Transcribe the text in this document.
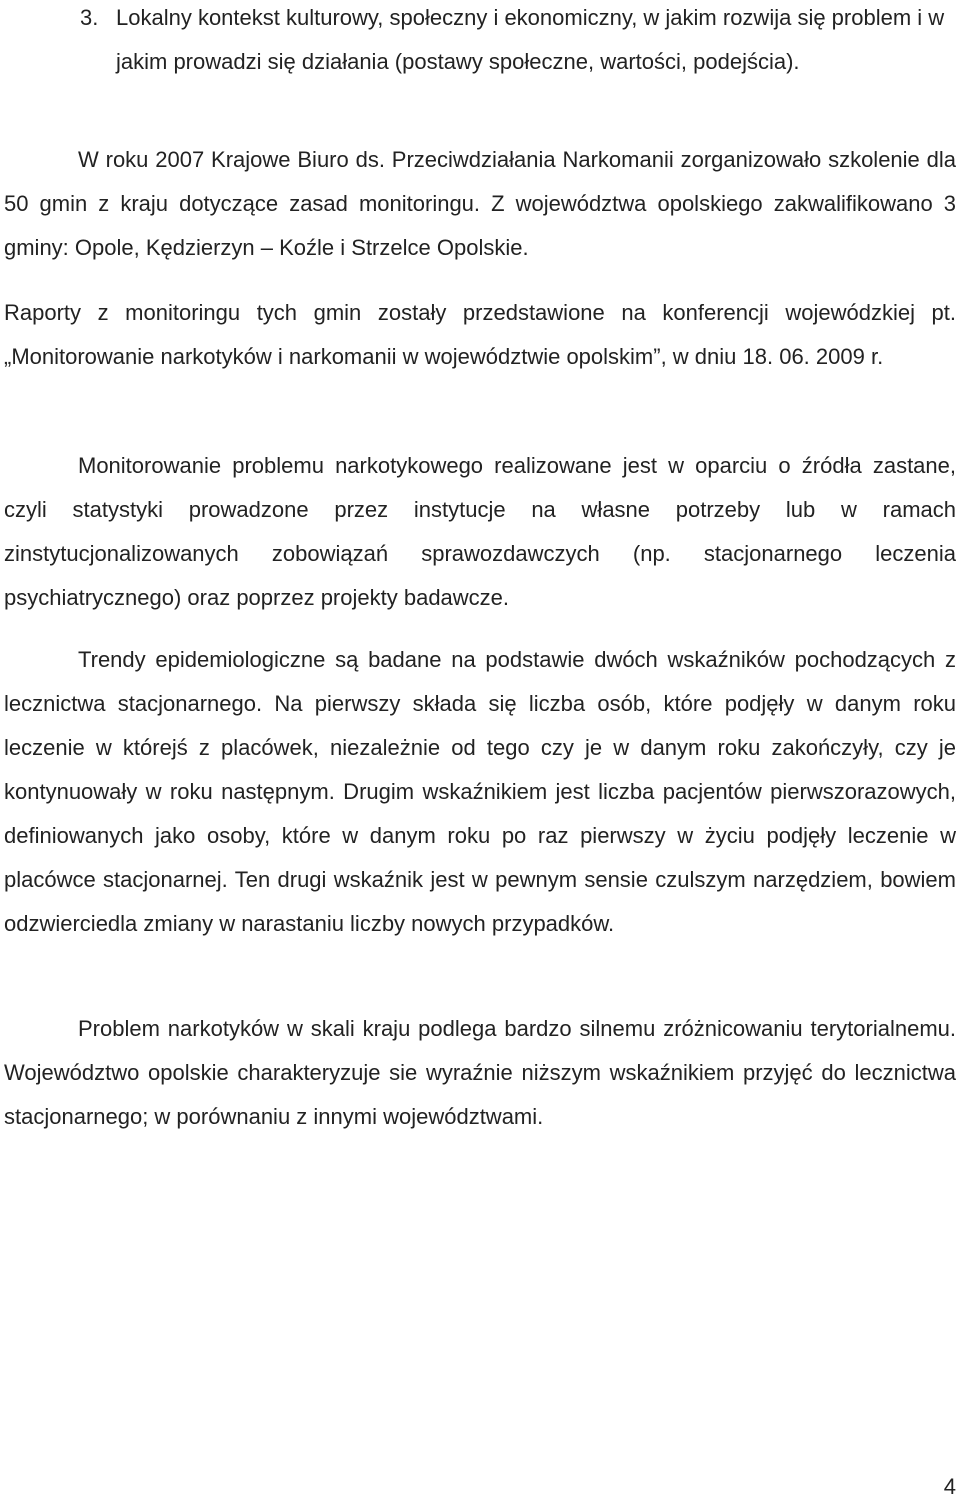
3. Lokalny kontekst kulturowy, społeczny i ekonomiczny, w jakim rozwija się problem i w jakim prowadzi się działania (postawy społeczne, wartości, podejścia).

W roku 2007 Krajowe Biuro ds. Przeciwdziałania Narkomanii zorganizowało szkolenie dla 50 gmin z kraju dotyczące zasad monitoringu. Z województwa opolskiego zakwalifikowano 3 gminy: Opole, Kędzierzyn – Koźle i Strzelce Opolskie.

Raporty z monitoringu tych gmin zostały przedstawione na konferencji wojewódzkiej pt. „Monitorowanie narkotyków i narkomanii w województwie opolskim”, w dniu 18. 06. 2009 r.

Monitorowanie problemu narkotykowego realizowane jest w oparciu o źródła zastane, czyli statystyki prowadzone przez instytucje na własne potrzeby lub w ramach zinstytucjonalizowanych zobowiązań sprawozdawczych (np. stacjonarnego leczenia psychiatrycznego) oraz poprzez projekty badawcze.

Trendy epidemiologiczne są badane na podstawie dwóch wskaźników pochodzących z lecznictwa stacjonarnego. Na pierwszy składa się liczba osób, które podjęły w danym roku leczenie w którejś z placówek, niezależnie od tego czy je w danym roku zakończyły, czy je kontynuowały w roku następnym. Drugim wskaźnikiem jest liczba pacjentów pierwszorazowych, definiowanych jako osoby, które w danym roku po raz pierwszy w życiu podjęły leczenie w placówce stacjonarnej. Ten drugi wskaźnik jest w pewnym sensie czulszym narzędziem, bowiem odzwierciedla zmiany w narastaniu liczby nowych przypadków.

Problem narkotyków w skali kraju podlega bardzo silnemu zróżnicowaniu terytorialnemu. Województwo opolskie charakteryzuje sie wyraźnie niższym wskaźnikiem przyjęć do lecznictwa stacjonarnego; w porównaniu z innymi województwami.

4
